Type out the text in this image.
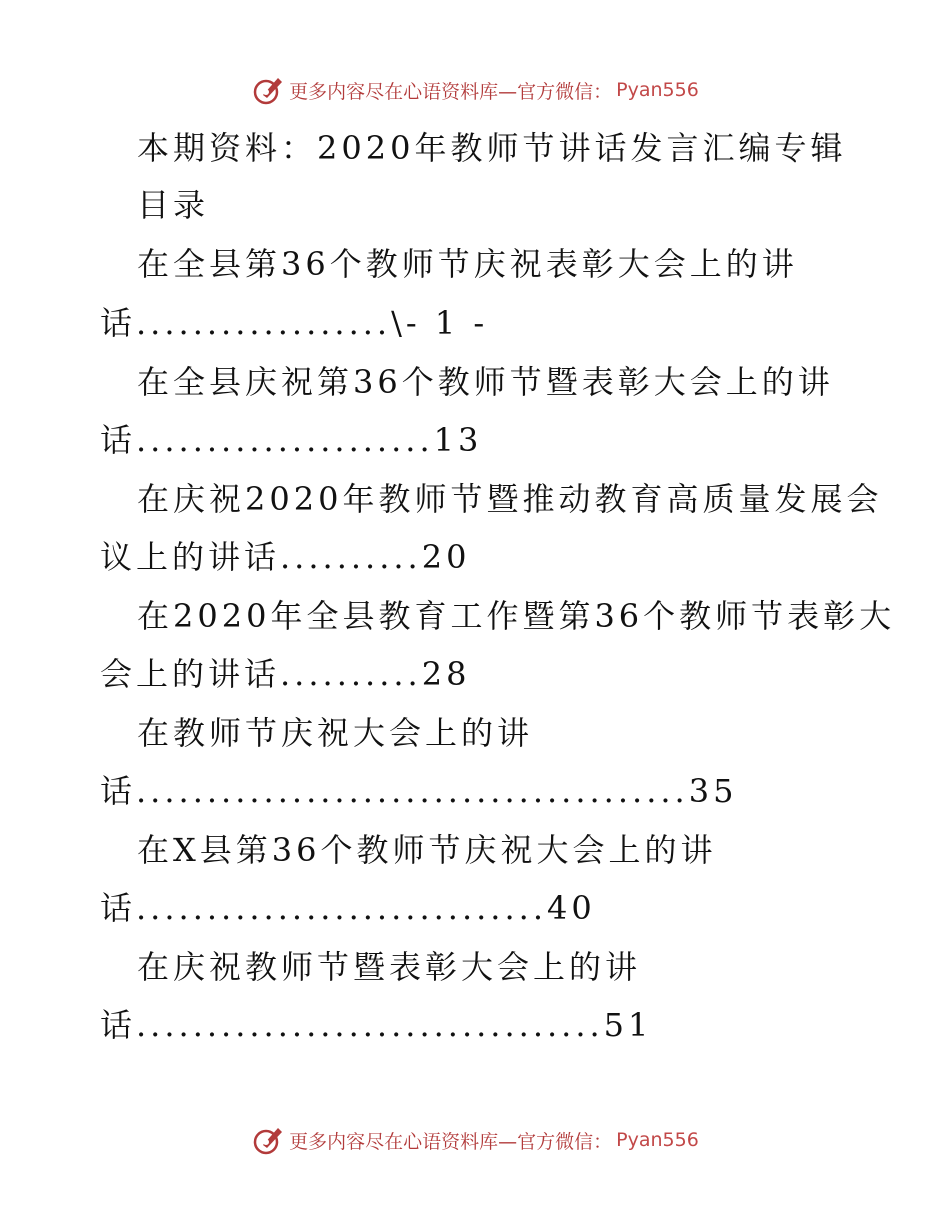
更多内容尽在心语资料库—官方微信： Pyan556
本期资料：2020年教师节讲话发言汇编专辑
目录
在全县第36个教师节庆祝表彰大会上的讲
话..................\- 1 -
在全县庆祝第36个教师节暨表彰大会上的讲
话.....................13
在庆祝2020年教师节暨推动教育高质量发展会
议上的讲话..........20
在2020年全县教育工作暨第36个教师节表彰大
会上的讲话..........28
在教师节庆祝大会上的讲
话.......................................35
在X县第36个教师节庆祝大会上的讲
话.............................40
在庆祝教师节暨表彰大会上的讲
话.................................51
更多内容尽在心语资料库—官方微信： Pyan556
